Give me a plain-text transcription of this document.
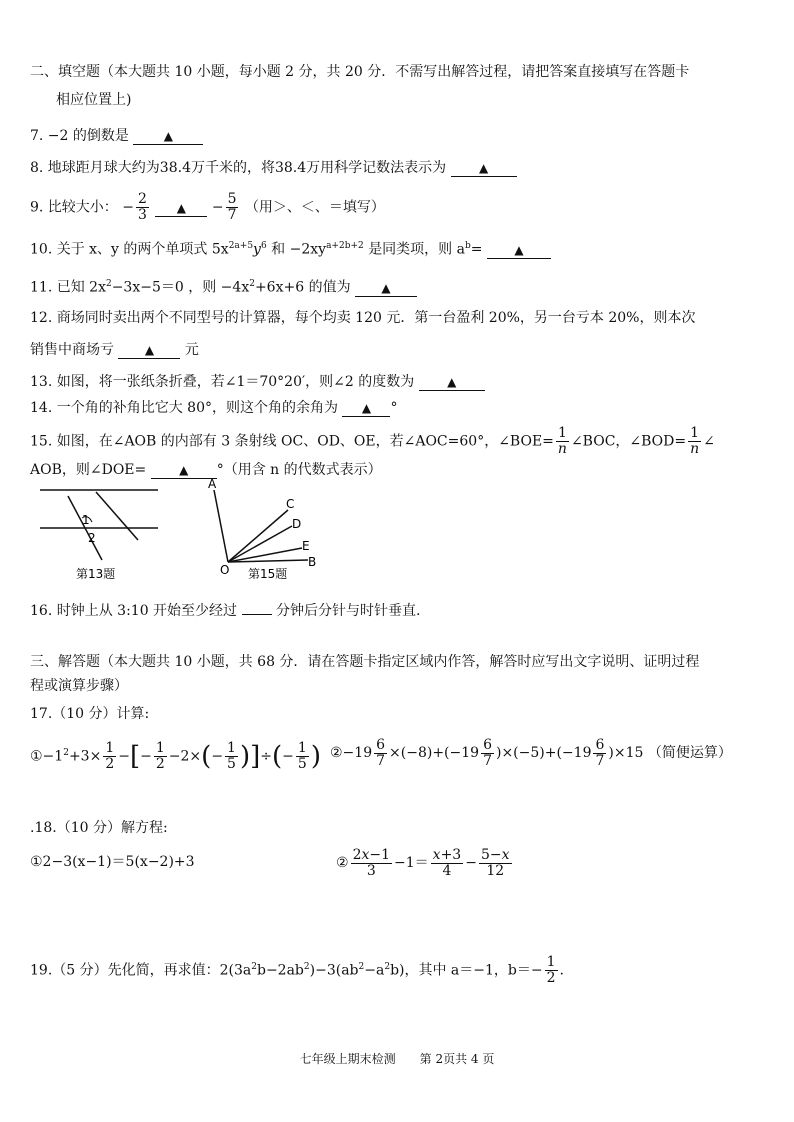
二、填空题（本大题共 10 小题，每小题 2 分，共 20 分．不需写出解答过程，请把答案直接填写在答题卡
相应位置上)
7. −2 的倒数是	▲
8. 地球距月球大约为38.4万千米的，将38.4万用科学记数法表示为	▲
9. 比较大小： − $\frac{2}{3}$ ▲ − $\frac{5}{7}$ （用＞、＜、＝填写）
10. 关于 x、y 的两个单项式 $5x^{2a+5}y^6$ 和 $-2xy^{a+2b+2}$ 是同类项，则 $a^b=$	▲
11. 已知 $2x^2-3x-5=0$ ，则 $-4x^2+6x+6$ 的值为	▲
12. 商场同时卖出两个不同型号的计算器，每个均卖 120 元．第一台盈利 20%，另一台亏本 20%，则本次
销售中商场亏	▲ 元
13. 如图，将一张纸条折叠，若∠1＝70°20′，则∠2 的度数为	▲
14. 一个角的补角比它大 80°，则这个角的余角为 ▲ °
15. 如图，在∠AOB 的内部有 3 条射线 OC、OD、OE，若∠AOC=60°，∠BOE= $\frac{1}{n}$ ∠BOC，∠BOD= $\frac{1}{n}$ ∠
AOB，则∠DOE=	▲ °（用含 n 的代数式表示）
1
2
第13题
A
C
D
E
B
O 第15题
16. 时钟上从 3:10 开始至少经过	分钟后分针与时针垂直.
三、解答题（本大题共 10 小题，共 68 分．请在答题卡指定区域内作答，解答时应写出文字说明、证明过程
程或演算步骤）
17.（10 分）计算:
$①-1^2+3\times \frac{1}{2}$ −[− $\frac{1}{2} -2\times(- \frac{1}{5}$ )]÷(− $\frac{1}{5}$ ) ②−19 $\frac{6}{7} \times(-8)+(-19 \frac{6}{7} )\times(-5)+(-19 \frac{6}{7} )\times 15$ （简便运算）
.18.（10 分）解方程:
①2−3(x−1)＝5(x−2)+3	② $\frac{2x-1}{3} -1= \frac{x+3}{4} - \frac{5-x}{12}$
19.（5 分）先化简，再求值：$2(3a^2b-2ab^2)-3(ab^2-a^2b)$，其中 a＝−1，$b=- \frac{1}{2}$ .
七年级上期末检测　　第 2页共 4 页
